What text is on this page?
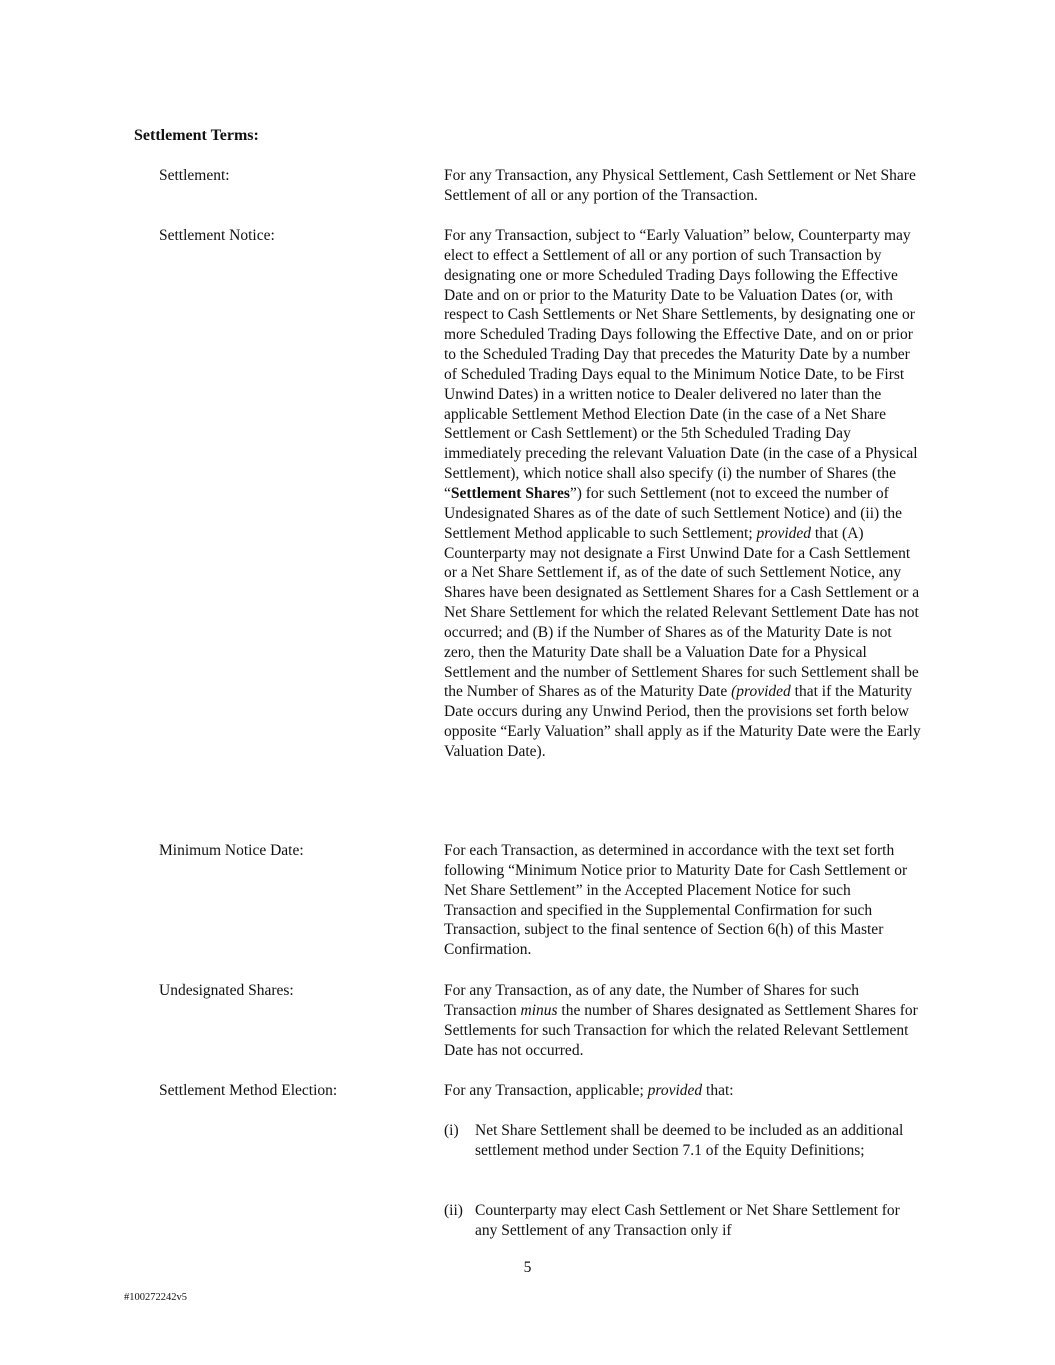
Settlement Terms:
Settlement:	For any Transaction, any Physical Settlement, Cash Settlement or Net Share Settlement of all or any portion of the Transaction.

Settlement Notice:	For any Transaction, subject to “Early Valuation” below, Counterparty may elect to effect a Settlement of all or any portion of such Transaction by designating one or more Scheduled Trading Days following the Effective Date and on or prior to the Maturity Date to be Valuation Dates (or, with respect to Cash Settlements or Net Share Settlements, by designating one or more Scheduled Trading Days following the Effective Date, and on or prior to the Scheduled Trading Day that precedes the Maturity Date by a number of Scheduled Trading Days equal to the Minimum Notice Date, to be First Unwind Dates) in a written notice to Dealer delivered no later than the applicable Settlement Method Election Date (in the case of a Net Share Settlement or Cash Settlement) or the 5th Scheduled Trading Day immediately preceding the relevant Valuation Date (in the case of a Physical Settlement), which notice shall also specify (i) the number of Shares (the “Settlement Shares”) for such Settlement (not to exceed the number of Undesignated Shares as of the date of such Settlement Notice) and (ii) the Settlement Method applicable to such Settlement; provided that (A) Counterparty may not designate a First Unwind Date for a Cash Settlement or a Net Share Settlement if, as of the date of such Settlement Notice, any Shares have been designated as Settlement Shares for a Cash Settlement or a Net Share Settlement for which the related Relevant Settlement Date has not occurred; and (B) if the Number of Shares as of the Maturity Date is not zero, then the Maturity Date shall be a Valuation Date for a Physical Settlement and the number of Settlement Shares for such Settlement shall be the Number of Shares as of the Maturity Date (provided that if the Maturity Date occurs during any Unwind Period, then the provisions set forth below opposite “Early Valuation” shall apply as if the Maturity Date were the Early Valuation Date).

Minimum Notice Date:	For each Transaction, as determined in accordance with the text set forth following “Minimum Notice prior to Maturity Date for Cash Settlement or Net Share Settlement” in the Accepted Placement Notice for such Transaction and specified in the Supplemental Confirmation for such Transaction, subject to the final sentence of Section 6(h) of this Master Confirmation.

Undesignated Shares:	For any Transaction, as of any date, the Number of Shares for such Transaction minus the number of Shares designated as Settlement Shares for Settlements for such Transaction for which the related Relevant Settlement Date has not occurred.

Settlement Method Election:	For any Transaction, applicable; provided that:

(i) Net Share Settlement shall be deemed to be included as an additional settlement method under Section 7.1 of the Equity Definitions;
(ii) Counterparty may elect Cash Settlement or Net Share Settlement for any Settlement of any Transaction only if
5
#100272242v5
